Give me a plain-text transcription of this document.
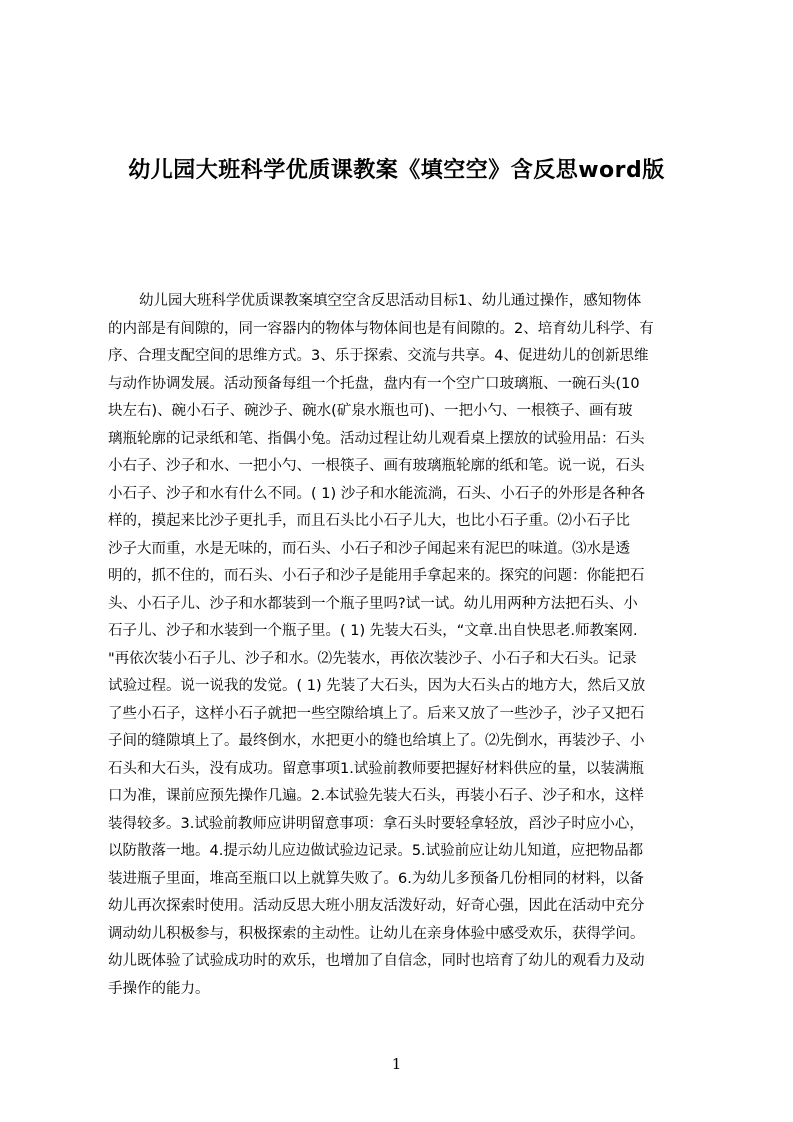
幼儿园大班科学优质课教案《填空空》含反思word版
幼儿园大班科学优质课教案填空空含反思活动目标1、幼儿通过操作，感知物体
的内部是有间隙的，同一容器内的物体与物体间也是有间隙的。2、培育幼儿科学、有
序、合理支配空间的思维方式。3、乐于探索、交流与共享。4、促进幼儿的创新思维
与动作协调发展。活动预备每组一个托盘，盘内有一个空广口玻璃瓶、一碗石头(10
块左右)、碗小石子、碗沙子、碗水(矿泉水瓶也可)、一把小勺、一根筷子、画有玻
璃瓶轮廓的记录纸和笔、指偶小兔。活动过程让幼儿观看桌上摆放的试验用品：石头
小右子、沙子和水、一把小勺、一根筷子、画有玻璃瓶轮廓的纸和笔。说一说，石头
小石子、沙子和水有什么不同。( 1) 沙子和水能流淌，石头、小石子的外形是各种各
样的，摸起来比沙子更扎手，而且石头比小石子儿大，也比小石子重。⑵小石子比
沙子大而重，水是无味的，而石头、小石子和沙子闻起来有泥巴的味道。⑶水是透
明的，抓不住的，而石头、小石子和沙子是能用手拿起来的。探究的问题：你能把石
头、小石子儿、沙子和水都装到一个瓶子里吗?试一试。幼儿用两种方法把石头、小
石子儿、沙子和水装到一个瓶子里。( 1) 先装大石头，“文章.出自快思老.师教案网.
"再依次装小石子儿、沙子和水。⑵先装水，再依次装沙子、小石子和大石头。记录
试验过程。说一说我的发觉。( 1) 先装了大石头，因为大石头占的地方大，然后又放
了些小石子，这样小石子就把一些空隙给填上了。后来又放了一些沙子，沙子又把石
子间的缝隙填上了。最终倒水，水把更小的缝也给填上了。⑵先倒水，再装沙子、小
石头和大石头，没有成功。留意事项1.试验前教师要把握好材料供应的量，以装满瓶
口为准，课前应预先操作几遍。2.本试验先装大石头，再装小石子、沙子和水，这样
装得较多。3.试验前教师应讲明留意事项：拿石头时要轻拿轻放，舀沙子时应小心，
以防散落一地。4.提示幼儿应边做试验边记录。5.试验前应让幼儿知道，应把物品都
装进瓶子里面，堆高至瓶口以上就算失败了。6.为幼儿多预备几份相同的材料，以备
幼儿再次探索时使用。活动反思大班小朋友活泼好动，好奇心强，因此在活动中充分
调动幼儿积极参与，积极探索的主动性。让幼儿在亲身体验中感受欢乐，获得学问。
幼儿既体验了试验成功时的欢乐，也增加了自信念，同时也培育了幼儿的观看力及动
手操作的能力。
1
